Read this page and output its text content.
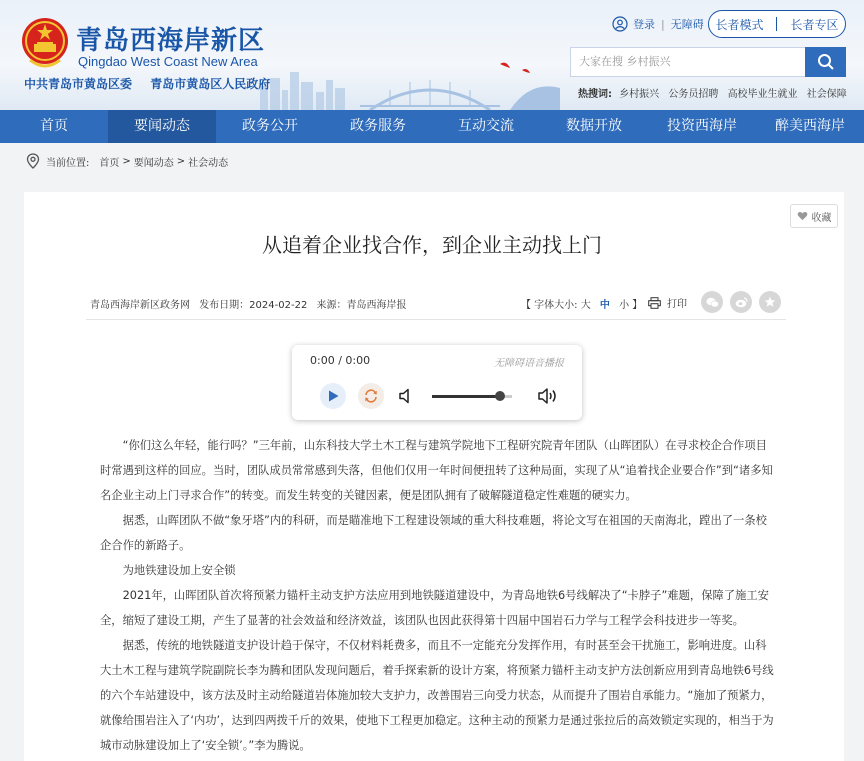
青岛西海岸新区
Qingdao West Coast New Area
中共青岛市黄岛区委 青岛市黄岛区人民政府
登录 | 无障碍 长者模式 长者专区
大家在搜 乡村振兴
热搜词: 乡村振兴 公务员招聘 高校毕业生就业 社会保障
首页	要闻动态	政务公开	政务服务	互动交流	数据开放	投资西海岸	醉美西海岸
当前位置: 首页 > 要闻动态 > 社会动态
收藏
从追着企业找合作，到企业主动找上门
青岛西海岸新区政务网 发布日期：2024-02-22 来源：青岛西海岸报	【 字体大小: 大 中 小 】 打印
0:00 / 0:00	无障碍语音播报

“你们这么年轻，能行吗？”三年前，山东科技大学土木工程与建筑学院地下工程研究院青年团队（山晖团队）在寻求校企合作项目时常遇到这样的回应。当时，团队成员常常感到失落，但他们仅用一年时间便扭转了这种局面，实现了从“追着找企业要合作”到“诸多知名企业主动上门寻求合作”的转变。而发生转变的关键因素，便是团队拥有了破解隧道稳定性难题的硬实力。

据悉，山晖团队不做“象牙塔”内的科研，而是瞄准地下工程建设领域的重大科技难题，将论文写在祖国的天南海北，蹚出了一条校企合作的新路子。

为地铁建设加上安全锁

2021年，山晖团队首次将预紧力锚杆主动支护方法应用到地铁隧道建设中，为青岛地铁6号线解决了“卡脖子”难题，保障了施工安全，缩短了建设工期，产生了显著的社会效益和经济效益，该团队也因此获得第十四届中国岩石力学与工程学会科技进步一等奖。

据悉，传统的地铁隧道支护设计趋于保守，不仅材料耗费多，而且不一定能充分发挥作用，有时甚至会干扰施工，影响进度。山科大土木工程与建筑学院副院长李为腾和团队发现问题后，着手探索新的设计方案，将预紧力锚杆主动支护方法创新应用到青岛地铁6号线的六个车站建设中，该方法及时主动给隧道岩体施加较大支护力，改善围岩三向受力状态，从而提升了围岩自承能力。“施加了预紧力，就像给围岩注入了‘内功’，达到四两拨千斤的效果，使地下工程更加稳定。这种主动的预紧力是通过张拉后的高效锁定实现的，相当于为城市动脉建设加上了‘安全锁’。”李为腾说。
